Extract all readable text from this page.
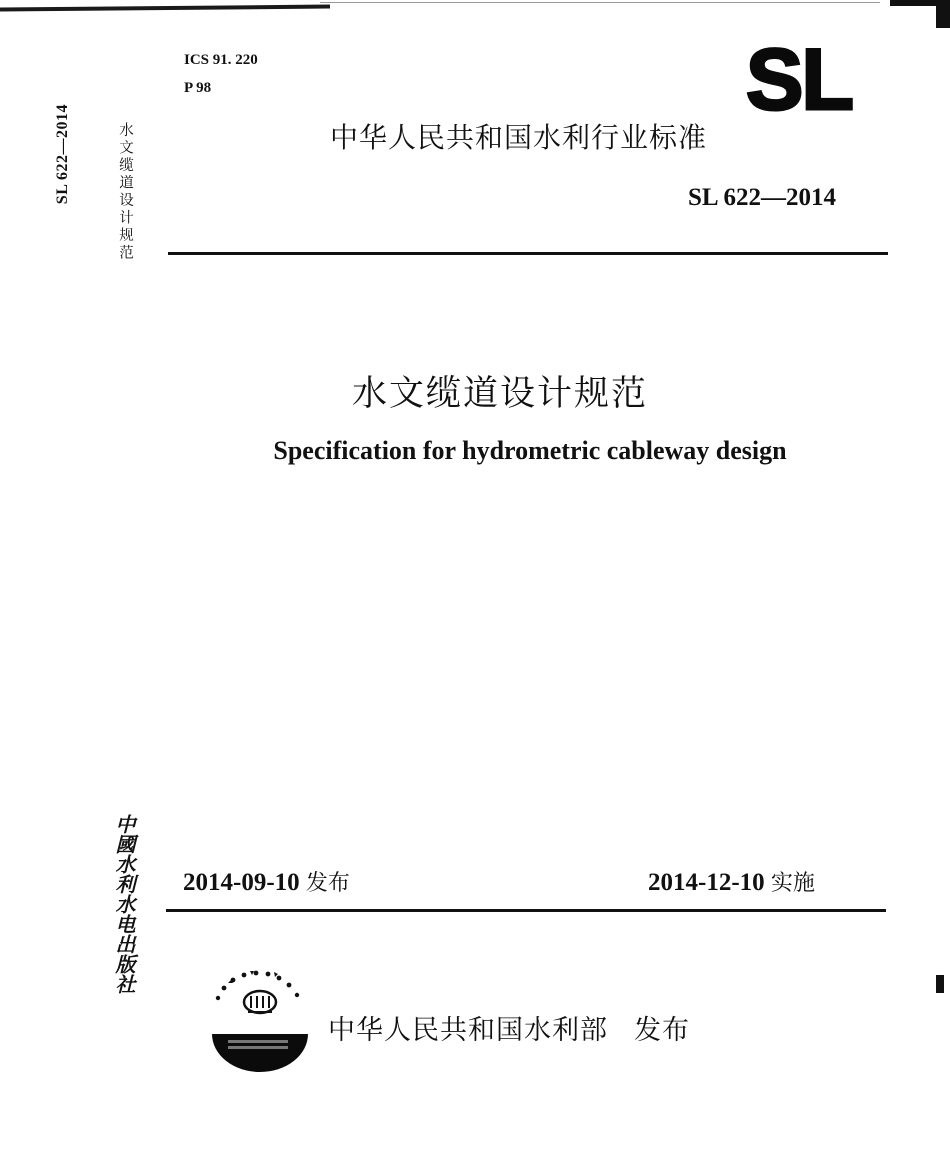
ICS 91. 220
P 98	SL
SL 622—2014	水文缆道设计规范	中华人民共和国水利行业标准
SL 622—2014
水文缆道设计规范
Specification for hydrometric cableway design
中國水利水电出版社 2014-09-10 发布	2014-12-10 实施
中华人民共和国水利部 发布
